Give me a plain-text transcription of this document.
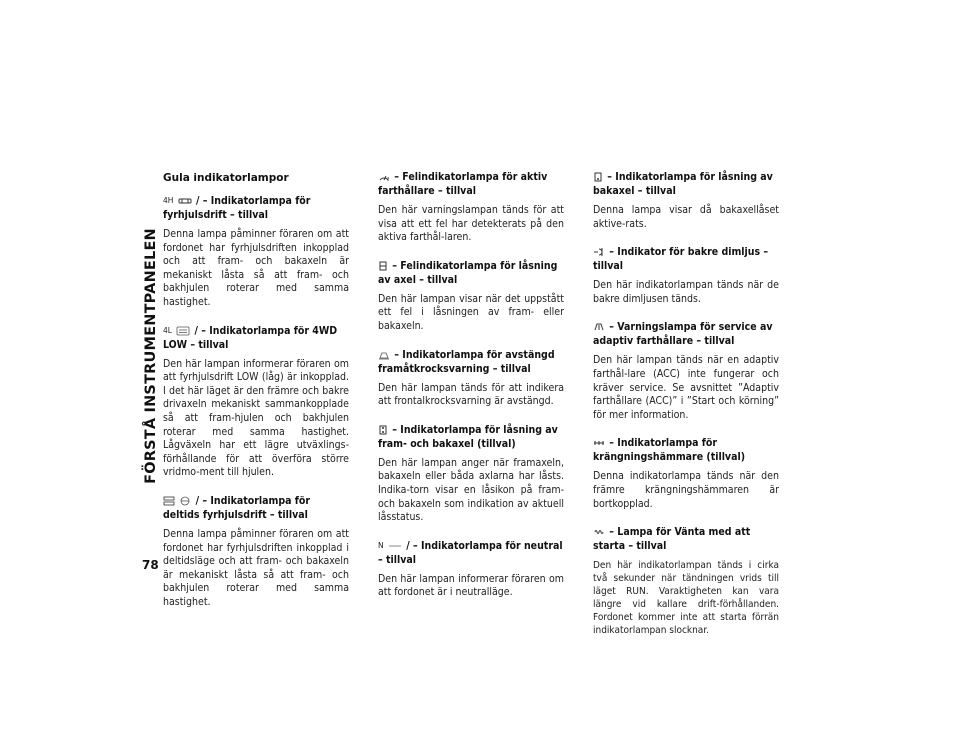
FÖRSTÅ INSTRUMENTPANELEN
78
Gula indikatorlampor
4H / – Indikatorlampa för fyrhjulsdrift – tillval
Denna lampa påminner föraren om att fordonet har fyrhjulsdriften inkopplad och att fram- och bakaxeln är mekaniskt låsta så att fram- och bakhjulen roterar med samma hastighet.
4L / – Indikatorlampa för 4WD LOW – tillval
Den här lampan informerar föraren om att fyrhjulsdrift LOW (låg) är inkopplad. I det här läget är den främre och bakre drivaxeln mekaniskt sammankopplade så att fram-hjulen och bakhjulen roterar med samma hastighet. Lågväxeln har ett lägre utväxlings-förhållande för att överföra större vridmo-ment till hjulen.

/ – Indikatorlampa för deltids fyrhjulsdrift – tillval
Denna lampa påminner föraren om att fordonet har fyrhjulsdriften inkopplad i deltidsläge och att fram- och bakaxeln är mekaniskt låsta så att fram- och bakhjulen roterar med samma hastighet.
! – Felindikatorlampa för aktiv farthållare – tillval
Den här varningslampan tänds för att visa att ett fel har detekterats på den aktiva farthål-laren.
– Felindikatorlampa för låsning av axel – tillval
Den här lampan visar när det uppstått ett fel i låsningen av fram- eller bakaxeln.
– Indikatorlampa för avstängd framåtkrocksvarning – tillval
Den här lampan tänds för att indikera att frontalkrocksvarning är avstängd.
– Indikatorlampa för låsning av fram- och bakaxel (tillval)
Den här lampan anger när framaxeln, bakaxeln eller båda axlarna har låsts. Indika-torn visar en låsikon på fram- och bakaxeln som indikation av aktuell låsstatus.
N / – Indikatorlampa för neutral – tillval
Den här lampan informerar föraren om att fordonet är i neutralläge.
– Indikatorlampa för låsning av bakaxel – tillval
Denna lampa visar då bakaxellåset aktive-rats.
– Indikator för bakre dimljus – tillval
Den här indikatorlampan tänds när de bakre dimljusen tänds.
– Varningslampa för service av adaptiv farthållare – tillval
Den här lampan tänds när en adaptiv farthål-lare (ACC) inte fungerar och kräver service. Se avsnittet ”Adaptiv farthållare (ACC)” i ”Start och körning” för mer information.
– Indikatorlampa för krängningshämmare (tillval)
Denna indikatorlampa tänds när den främre krängningshämmaren är bortkopplad.
– Lampa för Vänta med att starta – tillval
Den här indikatorlampan tänds i cirka två sekunder när tändningen vrids till läget RUN. Varaktigheten kan vara längre vid kallare drift-förhållanden. Fordonet kommer inte att starta förrän indikatorlampan slocknar.
